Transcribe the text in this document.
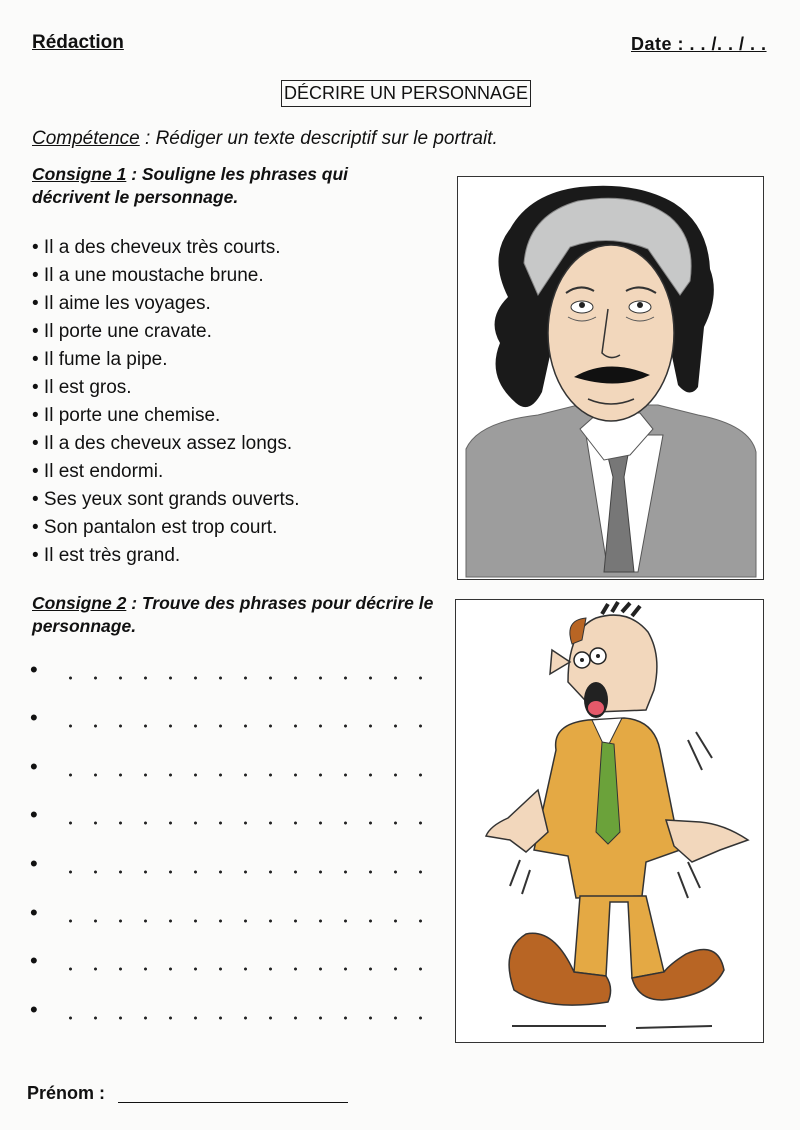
Rédaction	Date : . . /. . / . .
DÉCRIRE UN PERSONNAGE
Compétence : Rédiger un texte descriptif sur le portrait.
Consigne 1 : Souligne les phrases qui décrivent le personnage.
• Il a des cheveux très courts.
• Il a une moustache brune.
• Il aime les voyages.
• Il porte une cravate.
• Il fume la pipe.
• Il est gros.
• Il porte une chemise.
• Il a des cheveux assez longs.
• Il est endormi.
• Ses yeux sont grands ouverts.
• Son pantalon est trop court.
• Il est très grand.
Consigne 2 : Trouve des phrases pour décrire le personnage.
•
•
•
•
•
•
•
•
Prénom :
